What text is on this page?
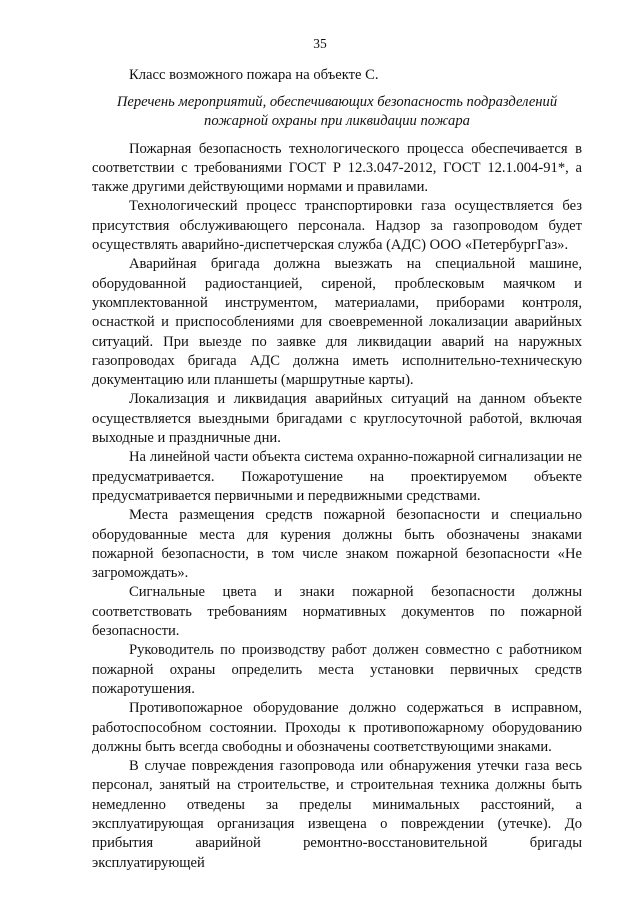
35

Класс возможного пожара на объекте С.

Перечень мероприятий, обеспечивающих безопасность подразделений пожарной охраны при ликвидации пожара

Пожарная безопасность технологического процесса обеспечивается в соответствии с требованиями ГОСТ Р 12.3.047-2012, ГОСТ 12.1.004-91*, а также другими действующими нормами и правилами.

Технологический процесс транспортировки газа осуществляется без присутствия обслуживающего персонала. Надзор за газопроводом будет осуществлять аварийно-диспетчерская служба (АДС) ООО «ПетербургГаз».

Аварийная бригада должна выезжать на специальной машине, оборудованной радиостанцией, сиреной, проблесковым маячком и укомплектованной инструментом, материалами, приборами контроля, оснасткой и приспособлениями для своевременной локализации аварийных ситуаций. При выезде по заявке для ликвидации аварий на наружных газопроводах бригада АДС должна иметь исполнительно-техническую документацию или планшеты (маршрутные карты).

Локализация и ликвидация аварийных ситуаций на данном объекте осуществляется выездными бригадами с круглосуточной работой, включая выходные и праздничные дни.

На линейной части объекта система охранно-пожарной сигнализации не предусматривается. Пожаротушение на проектируемом объекте предусматривается первичными и передвижными средствами.

Места размещения средств пожарной безопасности и специально оборудованные места для курения должны быть обозначены знаками пожарной безопасности, в том числе знаком пожарной безопасности «Не загромождать».

Сигнальные цвета и знаки пожарной безопасности должны соответствовать требованиям нормативных документов по пожарной безопасности.

Руководитель по производству работ должен совместно с работником пожарной охраны определить места установки первичных средств пожаротушения.

Противопожарное оборудование должно содержаться в исправном, работоспособном состоянии. Проходы к противопожарному оборудованию должны быть всегда свободны и обозначены соответствующими знаками.

В случае повреждения газопровода или обнаружения утечки газа весь персонал, занятый на строительстве, и строительная техника должны быть немедленно отведены за пределы минимальных расстояний, а эксплуатирующая организация извещена о повреждении (утечке). До прибытия аварийной ремонтно-восстановительной бригады эксплуатирующей
